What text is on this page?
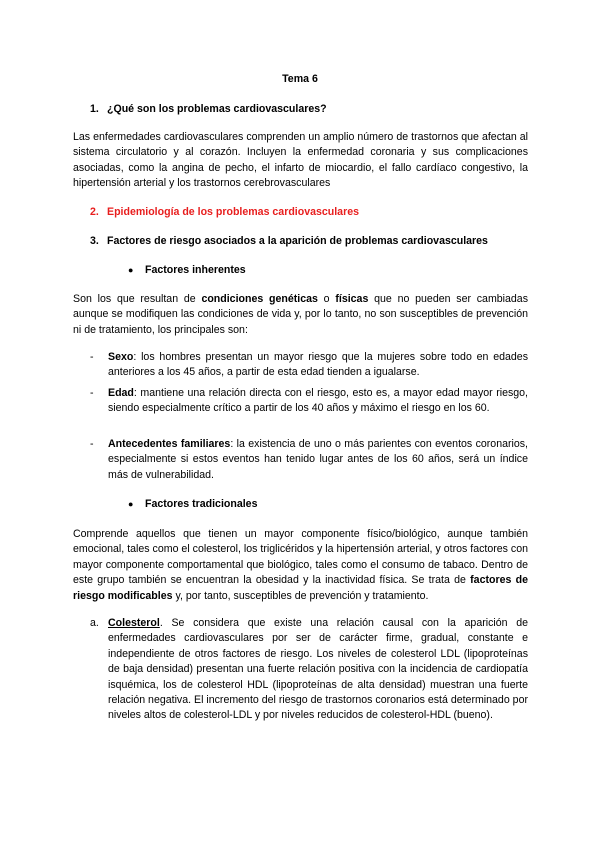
Tema 6
1. ¿Qué son los problemas cardiovasculares?
Las enfermedades cardiovasculares comprenden un amplio número de trastornos que afectan al sistema circulatorio y al corazón. Incluyen la enfermedad coronaria y sus complicaciones asociadas, como la angina de pecho, el infarto de miocardio, el fallo cardíaco congestivo, la hipertensión arterial y los trastornos cerebrovasculares
2. Epidemiología de los problemas cardiovasculares
3. Factores de riesgo asociados a la aparición de problemas cardiovasculares
● Factores inherentes
Son los que resultan de condiciones genéticas o físicas que no pueden ser cambiadas aunque se modifiquen las condiciones de vida y, por lo tanto, no son susceptibles de prevención ni de tratamiento, los principales son:
- Sexo: los hombres presentan un mayor riesgo que la mujeres sobre todo en edades anteriores a los 45 años, a partir de esta edad tienden a igualarse.
- Edad: mantiene una relación directa con el riesgo, esto es, a mayor edad mayor riesgo, siendo especialmente crítico a partir de los 40 años y máximo el riesgo en los 60.
- Antecedentes familiares: la existencia de uno o más parientes con eventos coronarios, especialmente si estos eventos han tenido lugar antes de los 60 años, será un índice más de vulnerabilidad.
● Factores tradicionales
Comprende aquellos que tienen un mayor componente físico/biológico, aunque también emocional, tales como el colesterol, los triglicéridos y la hipertensión arterial, y otros factores con mayor componente comportamental que biológico, tales como el consumo de tabaco. Dentro de este grupo también se encuentran la obesidad y la inactividad física. Se trata de factores de riesgo modificables y, por tanto, susceptibles de prevención y tratamiento.
a. Colesterol. Se considera que existe una relación causal con la aparición de enfermedades cardiovasculares por ser de carácter firme, gradual, constante e independiente de otros factores de riesgo. Los niveles de colesterol LDL (lipoproteínas de baja densidad) presentan una fuerte relación positiva con la incidencia de cardiopatía isquémica, los de colesterol HDL (lipoproteínas de alta densidad) muestran una fuerte relación negativa. El incremento del riesgo de trastornos coronarios está determinado por niveles altos de colesterol-LDL y por niveles reducidos de colesterol-HDL (bueno).
